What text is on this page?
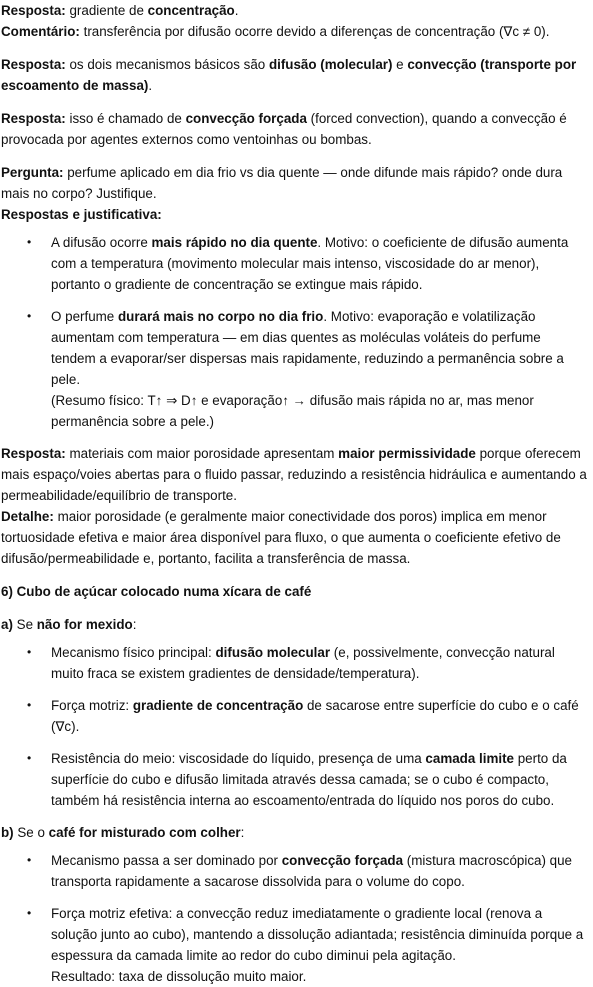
Resposta: gradiente de concentração.

Comentário: transferência por difusão ocorre devido a diferenças de concentração (∇c ≠ 0).

Resposta: os dois mecanismos básicos são difusão (molecular) e convecção (transporte por escoamento de massa).

Resposta: isso é chamado de convecção forçada (forced convection), quando a convecção é provocada por agentes externos como ventoinhas ou bombas.

Pergunta: perfume aplicado em dia frio vs dia quente — onde difunde mais rápido? onde dura mais no corpo? Justifique.

Respostas e justificativa:

• A difusão ocorre mais rápido no dia quente. Motivo: o coeficiente de difusão aumenta com a temperatura (movimento molecular mais intenso, viscosidade do ar menor), portanto o gradiente de concentração se extingue mais rápido.
• O perfume durará mais no corpo no dia frio. Motivo: evaporação e volatilização aumentam com temperatura — em dias quentes as moléculas voláteis do perfume tendem a evaporar/ser dispersas mais rapidamente, reduzindo a permanência sobre a pele.
(Resumo físico: T↑ ⇒ D↑ e evaporação↑ → difusão mais rápida no ar, mas menor permanência sobre a pele.)

Resposta: materiais com maior porosidade apresentam maior permissividade porque oferecem mais espaço/voies abertas para o fluido passar, reduzindo a resistência hidráulica e aumentando a permeabilidade/equilíbrio de transporte.

Detalhe: maior porosidade (e geralmente maior conectividade dos poros) implica em menor tortuosidade efetiva e maior área disponível para fluxo, o que aumenta o coeficiente efetivo de difusão/permeabilidade e, portanto, facilita a transferência de massa.

6) Cubo de açúcar colocado numa xícara de café

a) Se não for mexido:

• Mecanismo físico principal: difusão molecular (e, possivelmente, convecção natural muito fraca se existem gradientes de densidade/temperatura).
• Força motriz: gradiente de concentração de sacarose entre superfície do cubo e o café (∇c).
• Resistência do meio: viscosidade do líquido, presença de uma camada limite perto da superfície do cubo e difusão limitada através dessa camada; se o cubo é compacto, também há resistência interna ao escoamento/entrada do líquido nos poros do cubo.

b) Se o café for misturado com colher:

• Mecanismo passa a ser dominado por convecção forçada (mistura macroscópica) que transporta rapidamente a sacarose dissolvida para o volume do copo.
• Força motriz efetiva: a convecção reduz imediatamente o gradiente local (renova a solução junto ao cubo), mantendo a dissolução adiantada; resistência diminuída porque a espessura da camada limite ao redor do cubo diminui pela agitação.
Resultado: taxa de dissolução muito maior.
